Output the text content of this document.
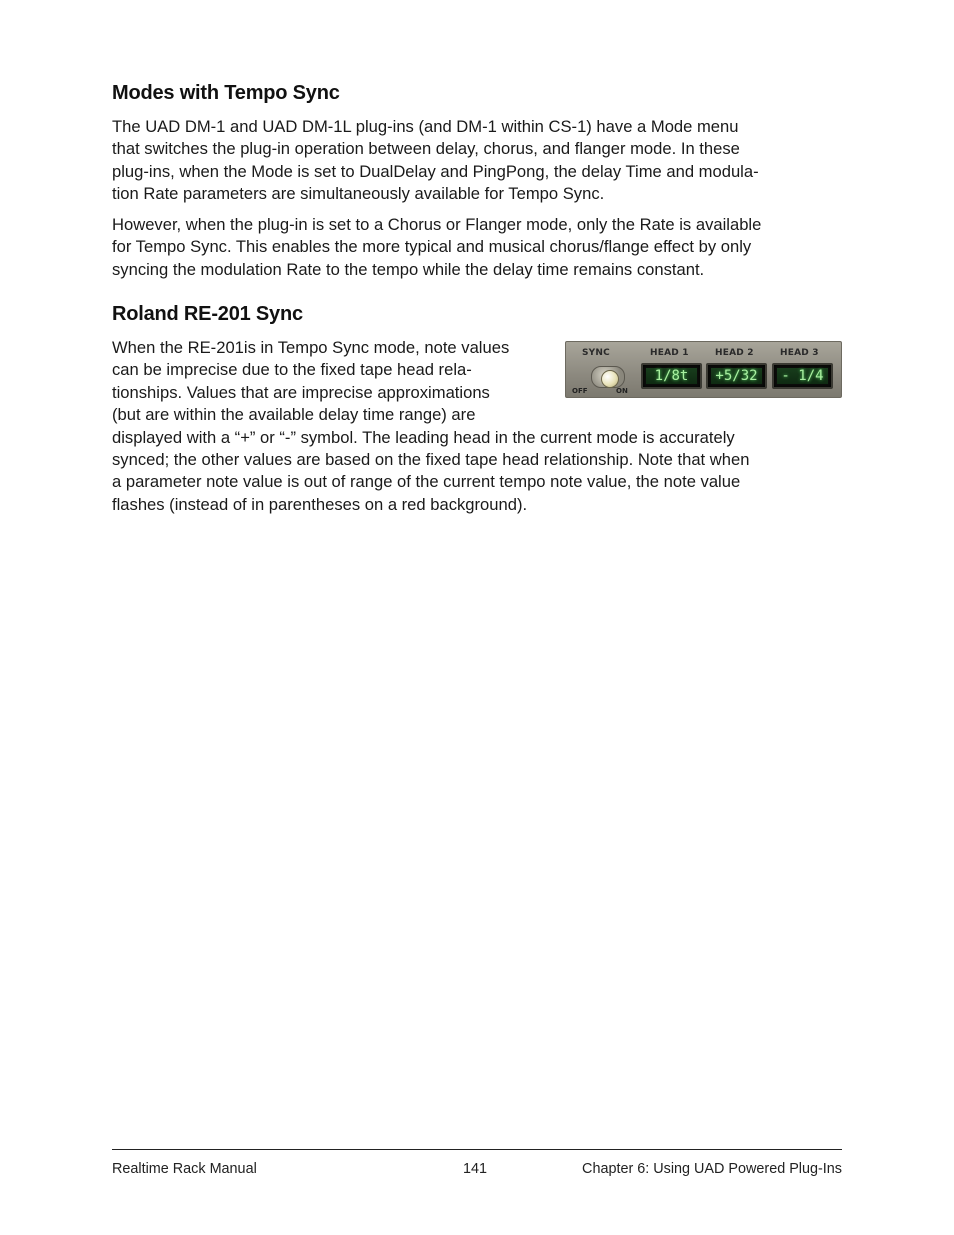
Modes with Tempo Sync

The UAD DM-1 and UAD DM-1L plug-ins (and DM-1 within CS-1) have a Mode menu
that switches the plug-in operation between delay, chorus, and flanger mode. In these
plug-ins, when the Mode is set to DualDelay and PingPong, the delay Time and modula-
tion Rate parameters are simultaneously available for Tempo Sync.

However, when the plug-in is set to a Chorus or Flanger mode, only the Rate is available
for Tempo Sync. This enables the more typical and musical chorus/flange effect by only
syncing the modulation Rate to the tempo while the delay time remains constant.

Roland RE-201 Sync

When the RE-201is in Tempo Sync mode, note values
can be imprecise due to the fixed tape head rela-
tionships. Values that are imprecise approximations
(but are within the available delay time range) are
displayed with a “+” or “-” symbol. The leading head in the current mode is accurately
synced; the other values are based on the fixed tape head relationship. Note that when
a parameter note value is out of range of the current tempo note value, the note value
flashes (instead of in parentheses on a red background).

SYNC
OFF	ON
HEAD 1
1/8t
HEAD 2
+5/32
HEAD 3
- 1/4
Realtime Rack Manual	141	Chapter 6: Using UAD Powered Plug-Ins
